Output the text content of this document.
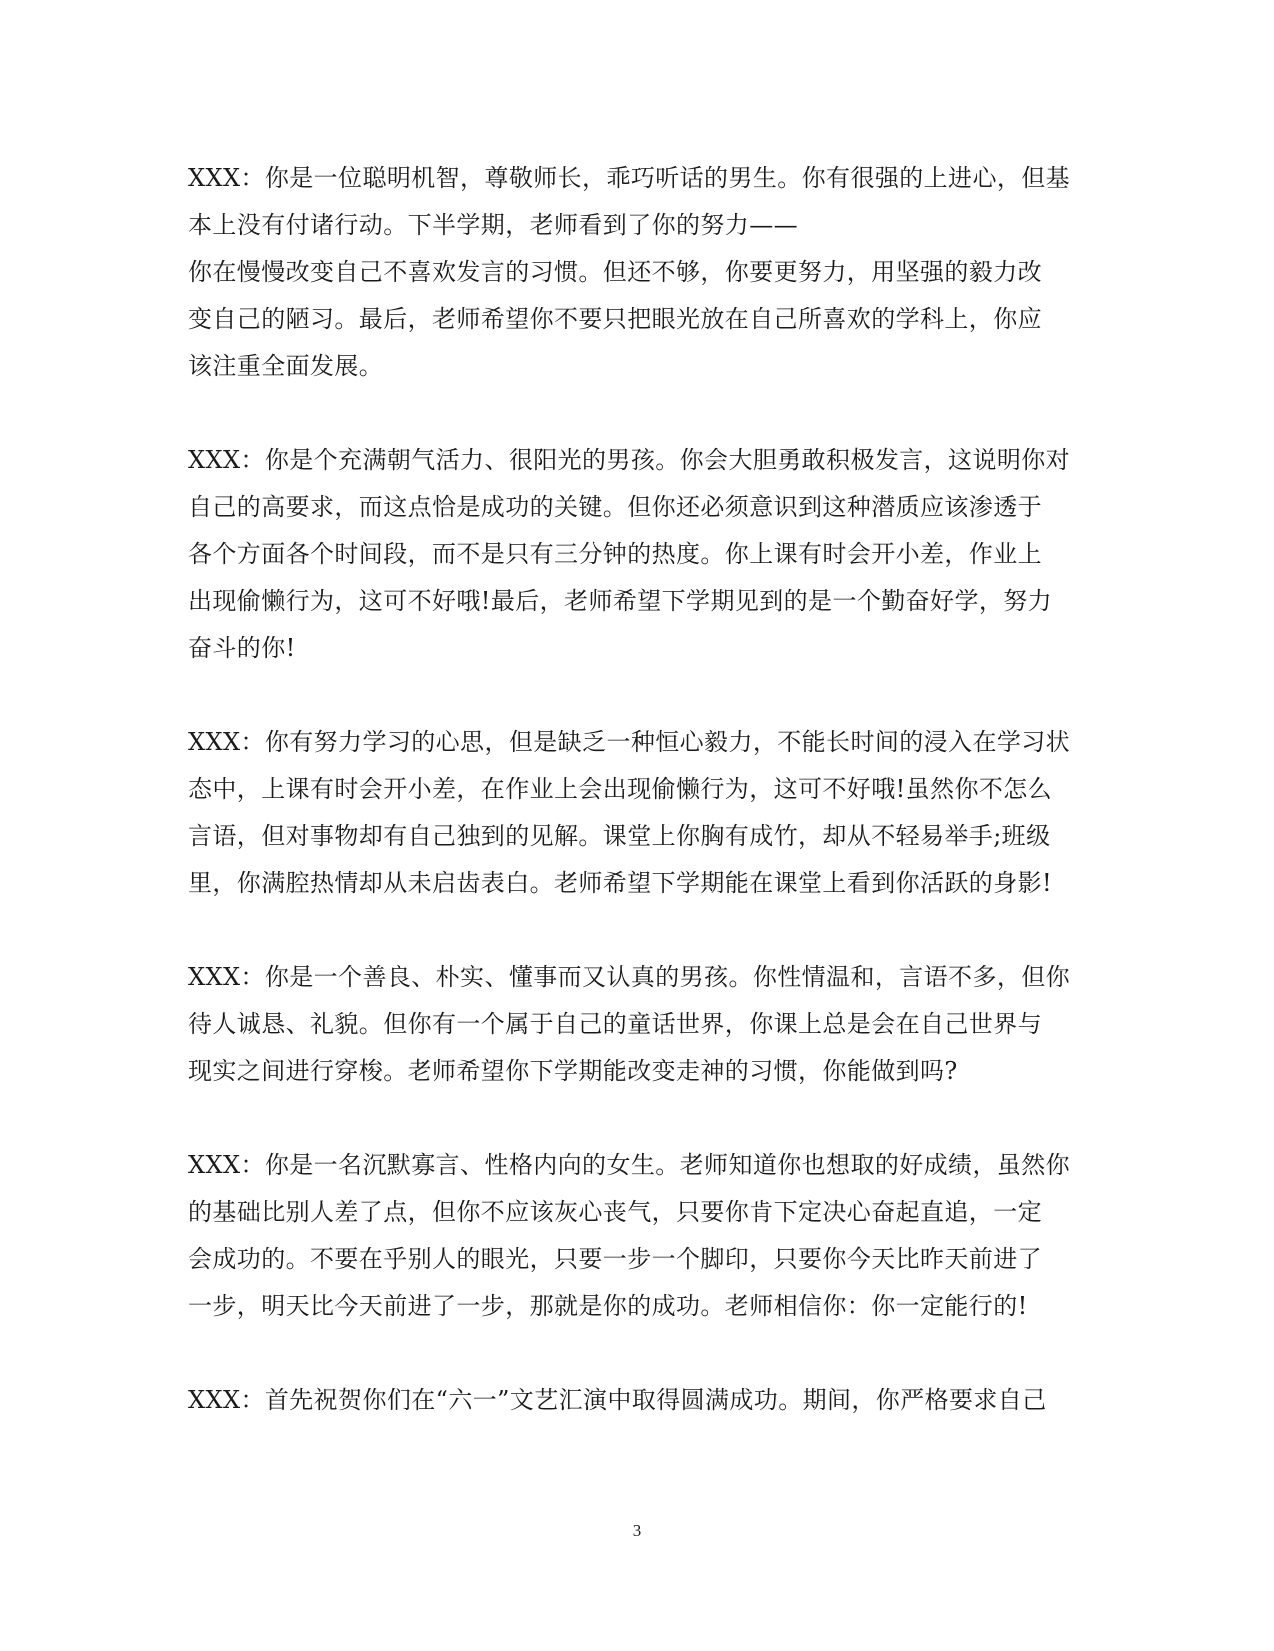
XXX：你是一位聪明机智，尊敬师长，乖巧听话的男生。你有很强的上进心，但基
本上没有付诸行动。下半学期，老师看到了你的努力——
你在慢慢改变自己不喜欢发言的习惯。但还不够，你要更努力，用坚强的毅力改
变自己的陋习。最后，老师希望你不要只把眼光放在自己所喜欢的学科上，你应
该注重全面发展。
XXX：你是个充满朝气活力、很阳光的男孩。你会大胆勇敢积极发言，这说明你对
自己的高要求，而这点恰是成功的关键。但你还必须意识到这种潜质应该渗透于
各个方面各个时间段，而不是只有三分钟的热度。你上课有时会开小差，作业上
出现偷懒行为，这可不好哦!最后，老师希望下学期见到的是一个勤奋好学，努力
奋斗的你!
XXX：你有努力学习的心思，但是缺乏一种恒心毅力，不能长时间的浸入在学习状
态中，上课有时会开小差，在作业上会出现偷懒行为，这可不好哦!虽然你不怎么
言语，但对事物却有自己独到的见解。课堂上你胸有成竹，却从不轻易举手;班级
里，你满腔热情却从未启齿表白。老师希望下学期能在课堂上看到你活跃的身影!
XXX：你是一个善良、朴实、懂事而又认真的男孩。你性情温和，言语不多，但你
待人诚恳、礼貌。但你有一个属于自己的童话世界，你课上总是会在自己世界与
现实之间进行穿梭。老师希望你下学期能改变走神的习惯，你能做到吗?
XXX：你是一名沉默寡言、性格内向的女生。老师知道你也想取的好成绩，虽然你
的基础比别人差了点，但你不应该灰心丧气，只要你肯下定决心奋起直追，一定
会成功的。不要在乎别人的眼光，只要一步一个脚印，只要你今天比昨天前进了
一步，明天比今天前进了一步，那就是你的成功。老师相信你：你一定能行的!
XXX：首先祝贺你们在“六一”文艺汇演中取得圆满成功。期间，你严格要求自己
3
